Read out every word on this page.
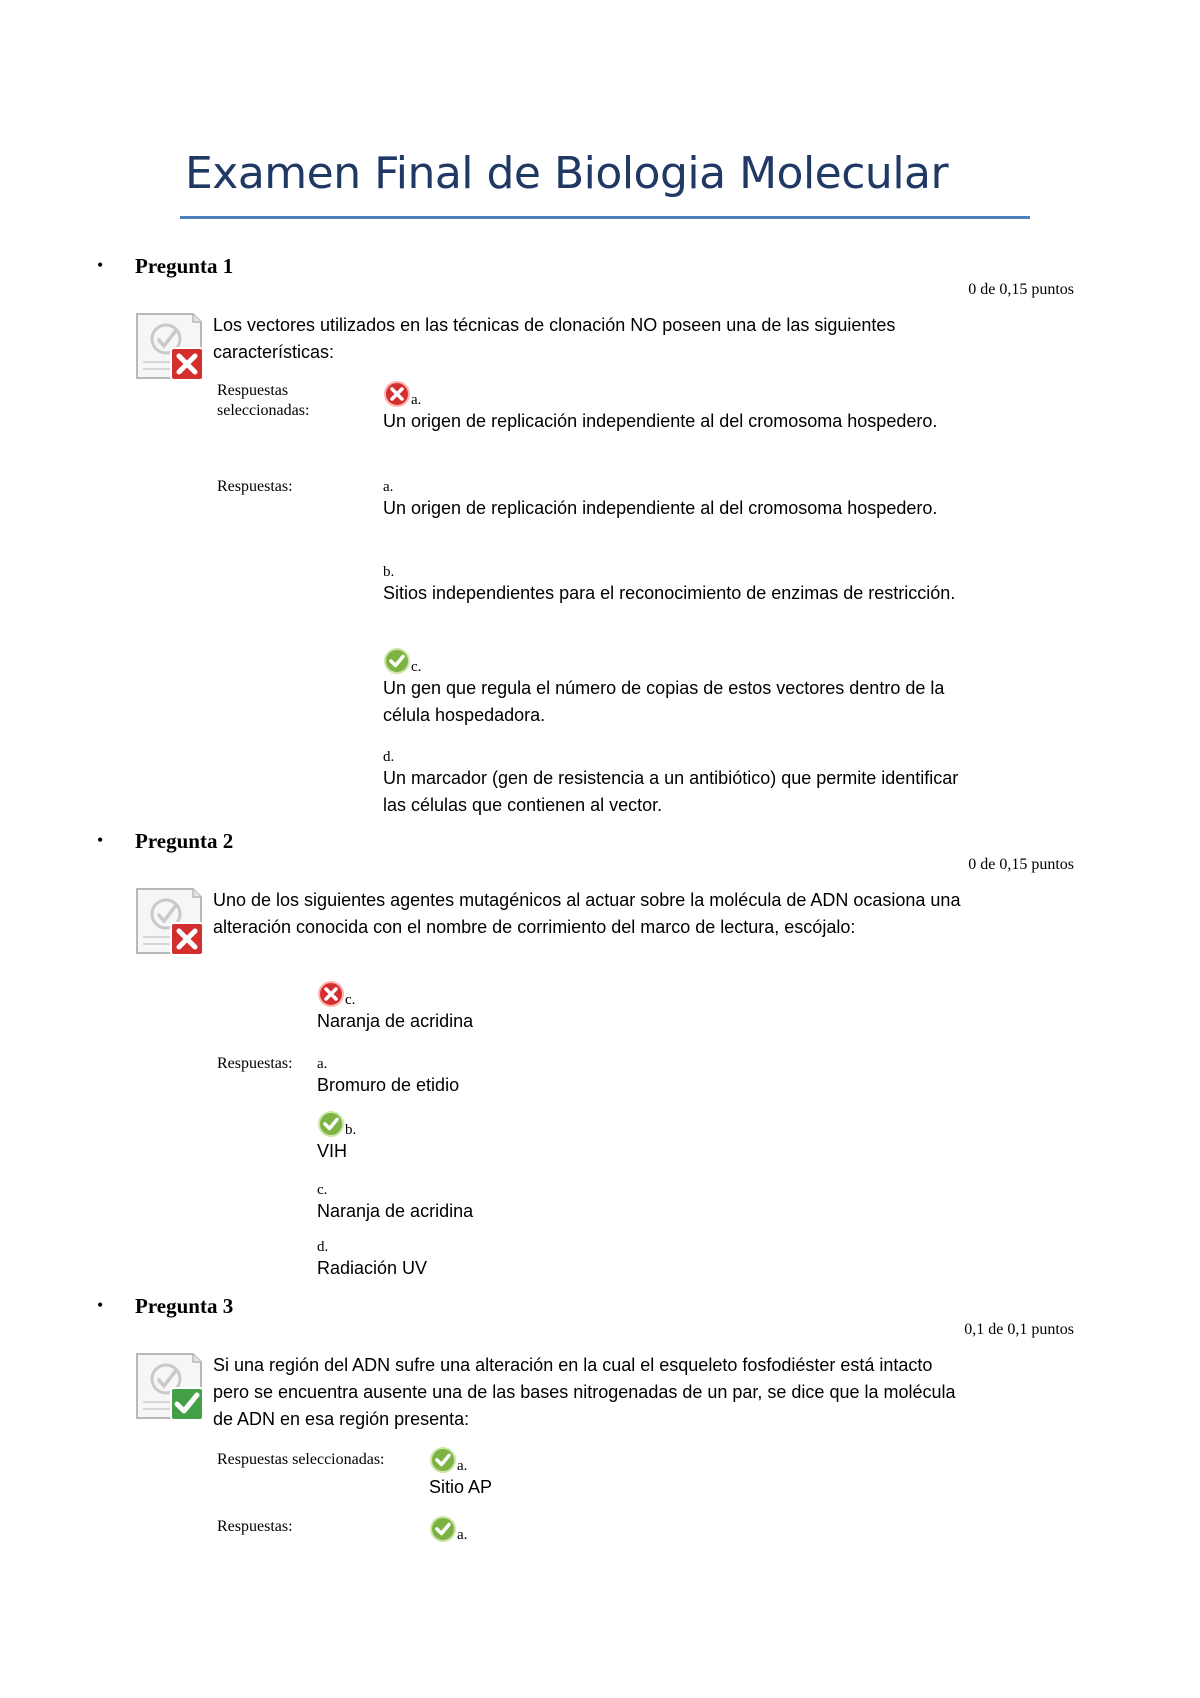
Examen Final de Biologia Molecular
• Pregunta 1
0 de 0,15 puntos
Los vectores utilizados en las técnicas de clonación NO poseen una de las siguientes características:
Respuestas seleccionadas:
a.
Un origen de replicación independiente al del cromosoma hospedero.
Respuestas:	a.
Un origen de replicación independiente al del cromosoma hospedero.
b.
Sitios independientes para el reconocimiento de enzimas de restricción.
c.
Un gen que regula el número de copias de estos vectores dentro de la célula hospedadora.
d.
Un marcador (gen de resistencia a un antibiótico) que permite identificar las células que contienen al vector.
• Pregunta 2
0 de 0,15 puntos
Uno de los siguientes agentes mutagénicos al actuar sobre la molécula de ADN ocasiona una alteración conocida con el nombre de corrimiento del marco de lectura, escójalo:
c.
Naranja de acridina
Respuestas: a.
Bromuro de etidio
b.
VIH
c.
Naranja de acridina
d.
Radiación UV
• Pregunta 3
0,1 de 0,1 puntos
Si una región del ADN sufre una alteración en la cual el esqueleto fosfodiéster está intacto pero se encuentra ausente una de las bases nitrogenadas de un par, se dice que la molécula de ADN en esa región presenta:
Respuestas seleccionadas:	a.
Sitio AP
Respuestas:	a.
